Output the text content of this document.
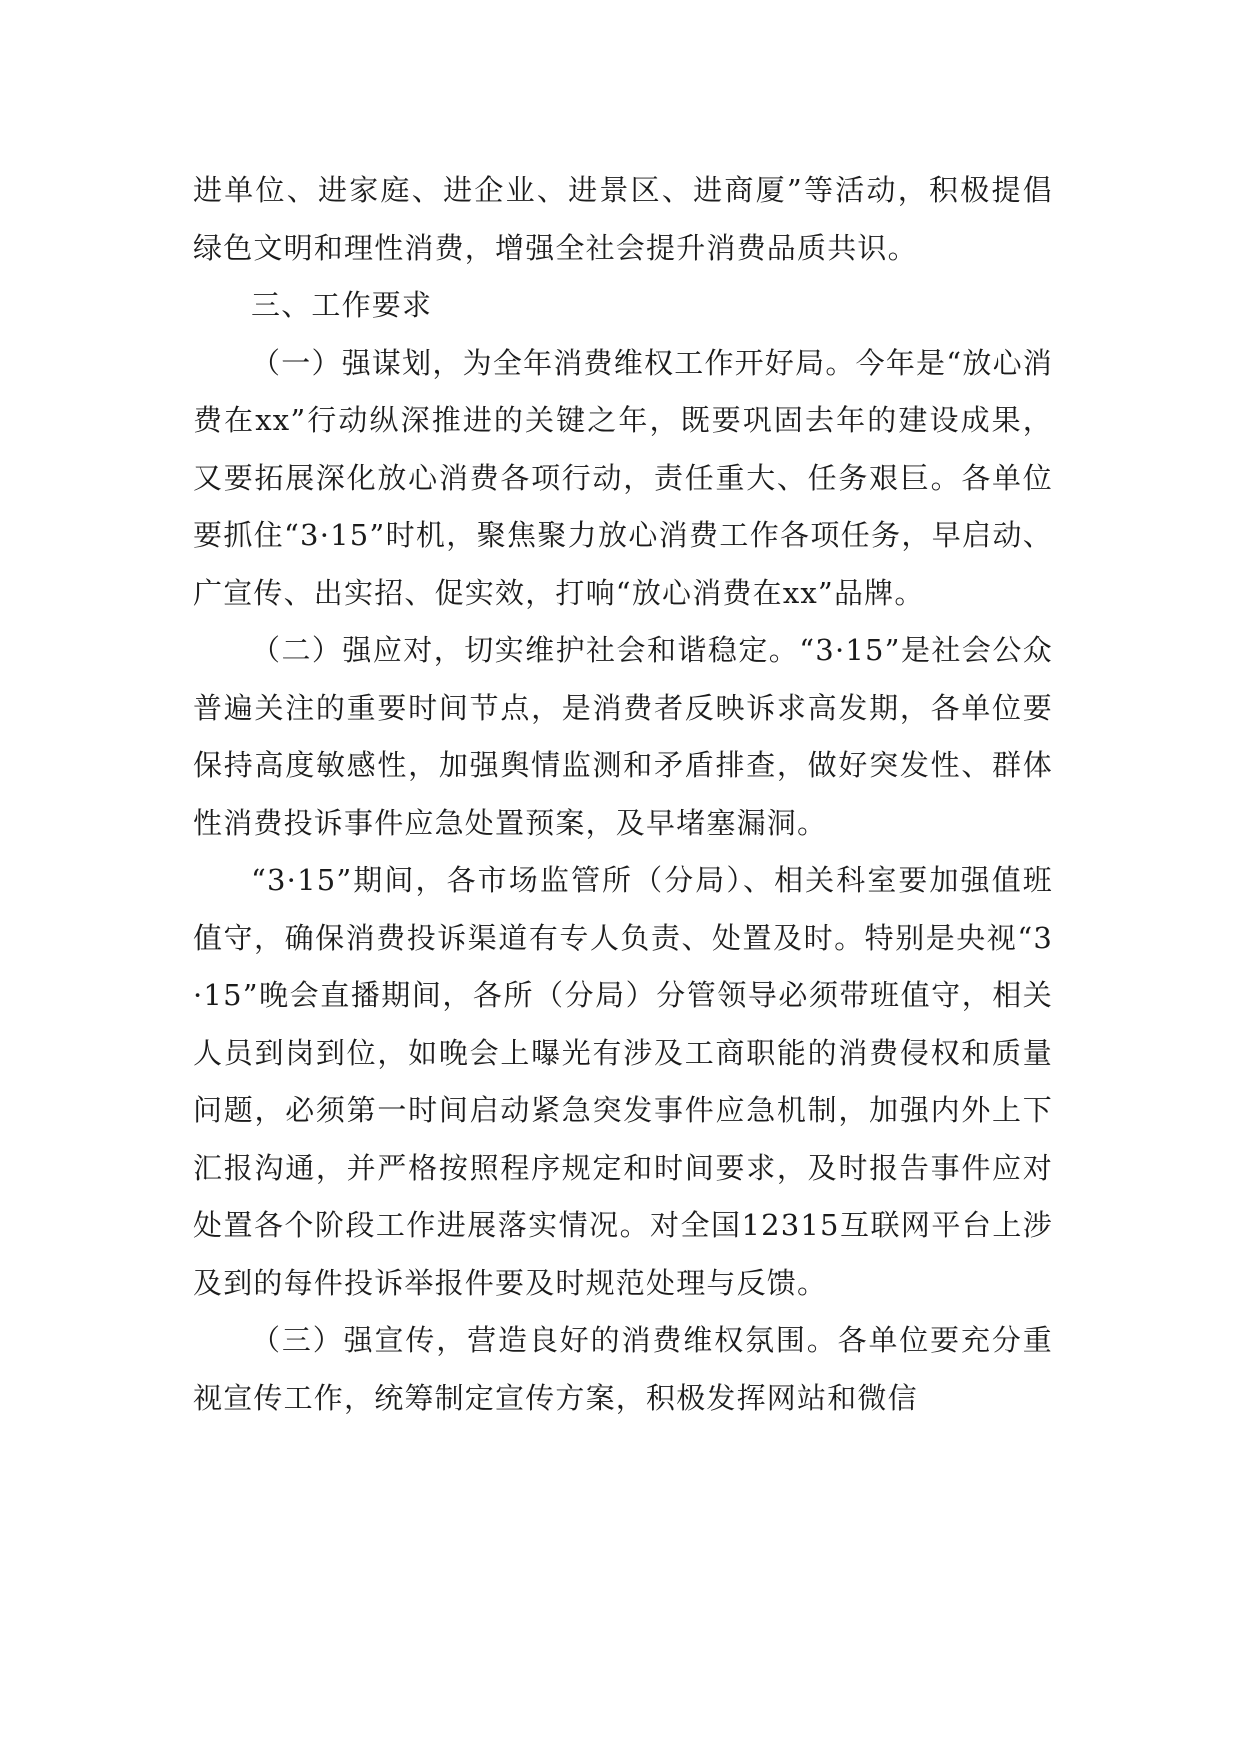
进单位、进家庭、进企业、进景区、进商厦”等活动，积极提倡绿色文明和理性消费，增强全社会提升消费品质共识。

三、工作要求

（一）强谋划，为全年消费维权工作开好局。今年是“放心消费在xx”行动纵深推进的关键之年，既要巩固去年的建设成果，又要拓展深化放心消费各项行动，责任重大、任务艰巨。各单位要抓住“3·15”时机，聚焦聚力放心消费工作各项任务，早启动、广宣传、出实招、促实效，打响“放心消费在xx”品牌。

（二）强应对，切实维护社会和谐稳定。“3·15”是社会公众普遍关注的重要时间节点，是消费者反映诉求高发期，各单位要保持高度敏感性，加强舆情监测和矛盾排查，做好突发性、群体性消费投诉事件应急处置预案，及早堵塞漏洞。

“3·15”期间，各市场监管所（分局）、相关科室要加强值班值守，确保消费投诉渠道有专人负责、处置及时。特别是央视“3·15”晚会直播期间，各所（分局）分管领导必须带班值守，相关人员到岗到位，如晚会上曝光有涉及工商职能的消费侵权和质量问题，必须第一时间启动紧急突发事件应急机制，加强内外上下汇报沟通，并严格按照程序规定和时间要求，及时报告事件应对处置各个阶段工作进展落实情况。对全国12315互联网平台上涉及到的每件投诉举报件要及时规范处理与反馈。

（三）强宣传，营造良好的消费维权氛围。各单位要充分重视宣传工作，统筹制定宣传方案，积极发挥网站和微信
